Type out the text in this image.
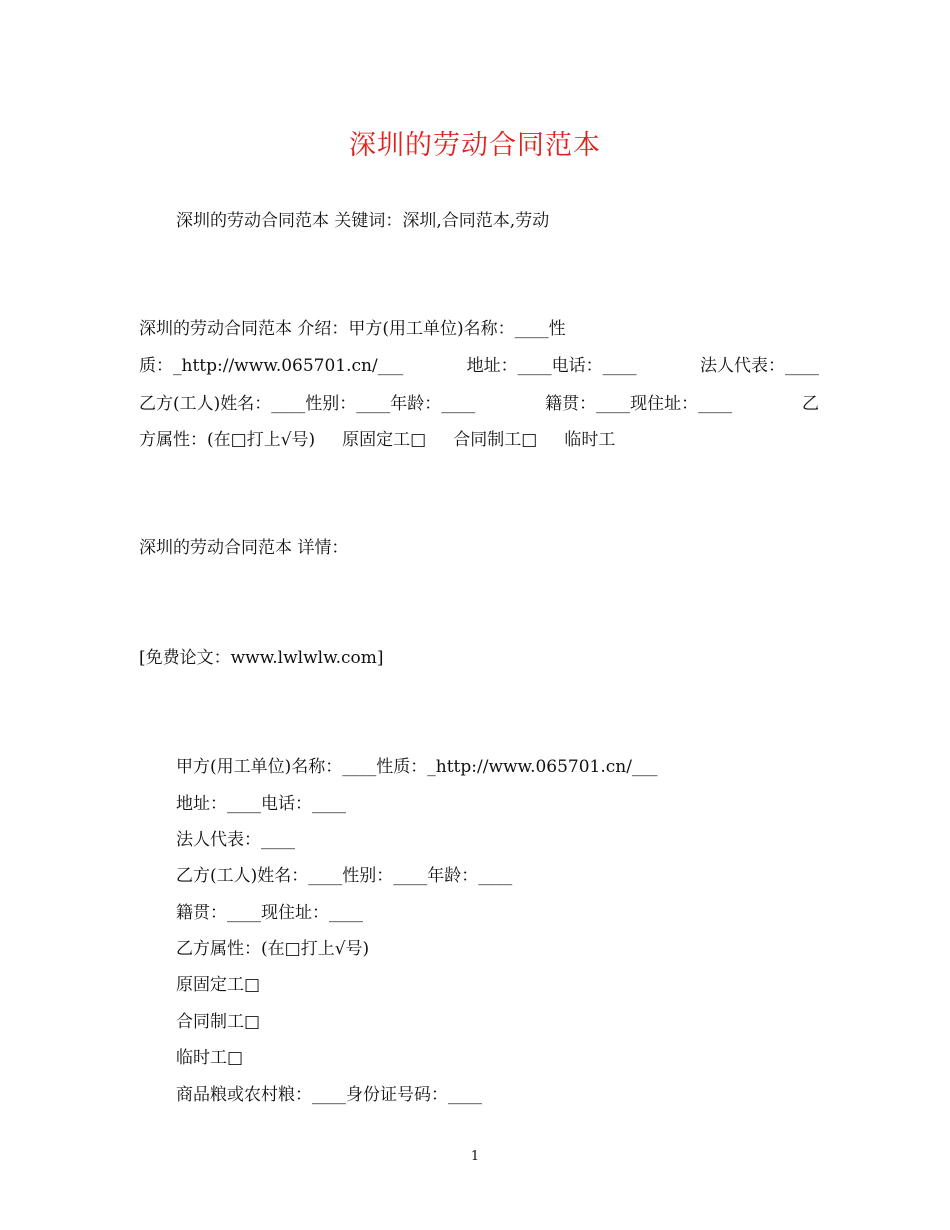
深圳的劳动合同范本
深圳的劳动合同范本 关键词：深圳,合同范本,劳动
深圳的劳动合同范本 介绍：甲方(用工单位)名称：____性
质：_http://www.065701.cn/___	地址：____电话：____	法人代表：____
乙方(工人)姓名：____性别：____年龄：____	籍贯：____现住址：____	乙
方属性：(在□打上√号)     原固定工□     合同制工□     临时工
深圳的劳动合同范本 详情：
[免费论文：www.lwlwlw.com]
甲方(用工单位)名称：____性质：_http://www.065701.cn/___
地址：____电话：____
法人代表：____
乙方(工人)姓名：____性别：____年龄：____
籍贯：____现住址：____
乙方属性：(在□打上√号)
原固定工□
合同制工□
临时工□
商品粮或农村粮：____身份证号码：____
1
